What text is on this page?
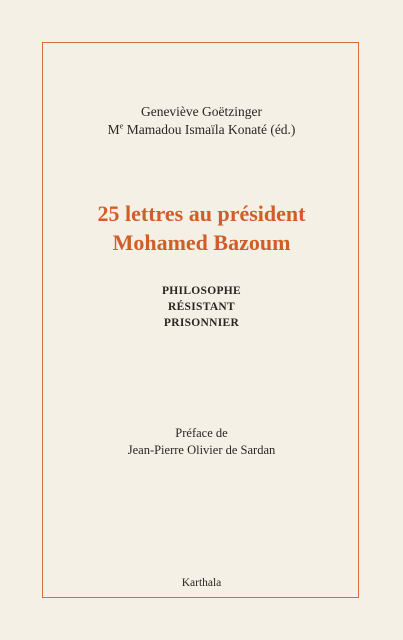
Geneviève Goëtzinger
Me Mamadou Ismaïla Konaté (éd.)
25 lettres au président
Mohamed Bazoum
PHILOSOPHE
RÉSISTANT
PRISONNIER
Préface de
Jean-Pierre Olivier de Sardan
Karthala
